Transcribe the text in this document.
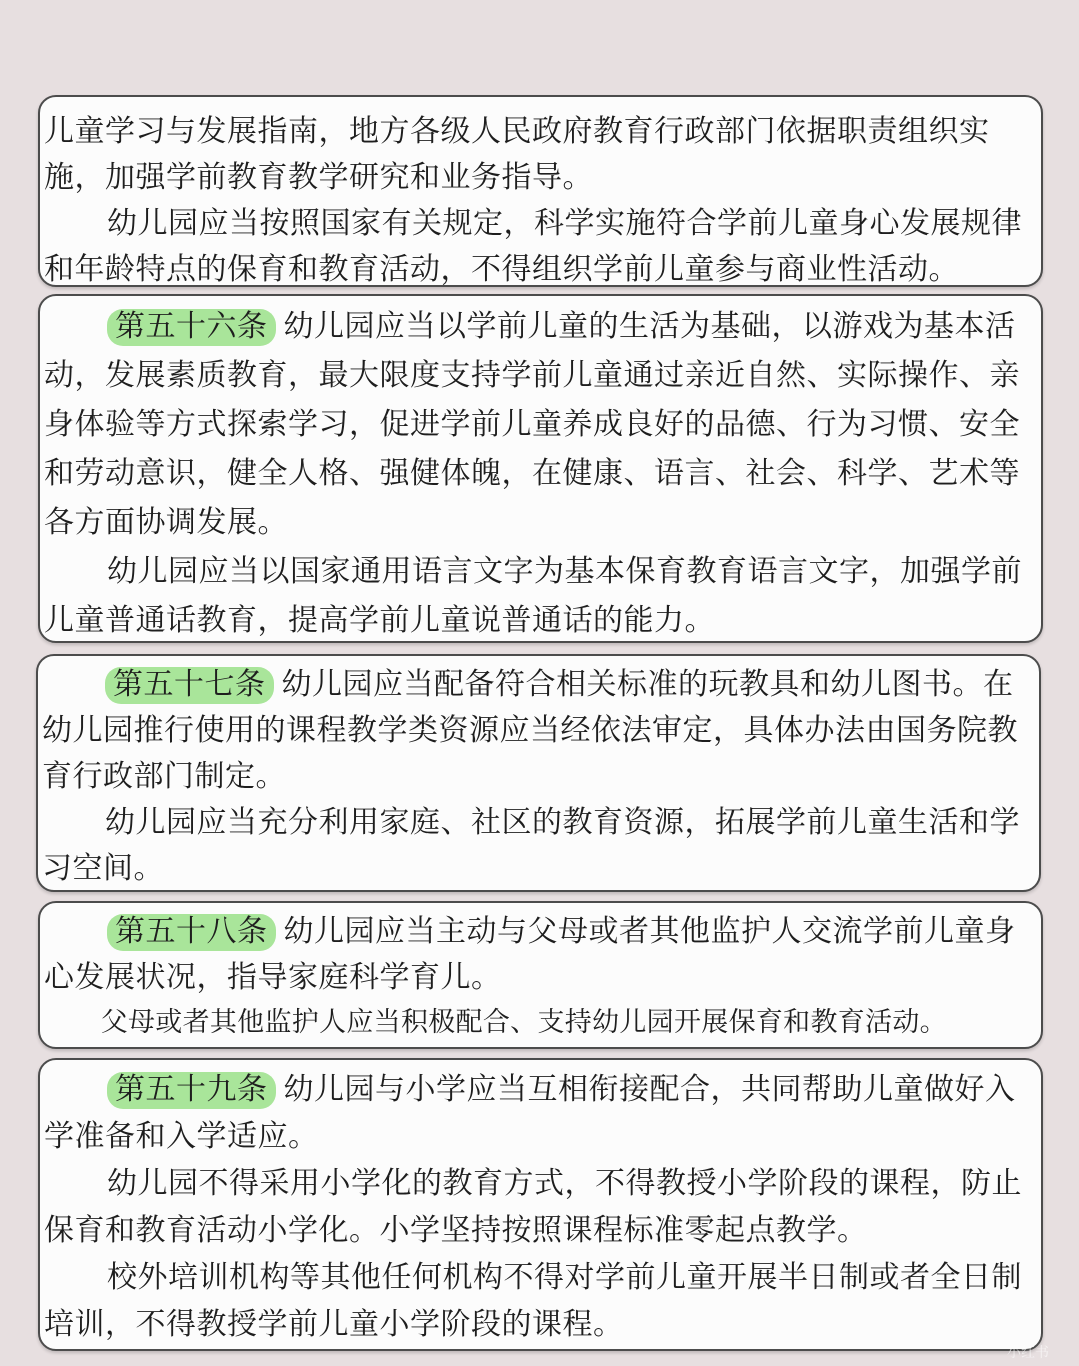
儿童学习与发展指南，地方各级人民政府教育行政部门依据职责组织实施，加强学前教育教学研究和业务指导。

幼儿园应当按照国家有关规定，科学实施符合学前儿童身心发展规律和年龄特点的保育和教育活动，不得组织学前儿童参与商业性活动。

第五十六条 幼儿园应当以学前儿童的生活为基础，以游戏为基本活动，发展素质教育，最大限度支持学前儿童通过亲近自然、实际操作、亲身体验等方式探索学习，促进学前儿童养成良好的品德、行为习惯、安全和劳动意识，健全人格、强健体魄，在健康、语言、社会、科学、艺术等各方面协调发展。

幼儿园应当以国家通用语言文字为基本保育教育语言文字，加强学前儿童普通话教育，提高学前儿童说普通话的能力。

第五十七条 幼儿园应当配备符合相关标准的玩教具和幼儿图书。在幼儿园推行使用的课程教学类资源应当经依法审定，具体办法由国务院教育行政部门制定。

幼儿园应当充分利用家庭、社区的教育资源，拓展学前儿童生活和学习空间。

第五十八条 幼儿园应当主动与父母或者其他监护人交流学前儿童身心发展状况，指导家庭科学育儿。

父母或者其他监护人应当积极配合、支持幼儿园开展保育和教育活动。

第五十九条 幼儿园与小学应当互相衔接配合，共同帮助儿童做好入学准备和入学适应。

幼儿园不得采用小学化的教育方式，不得教授小学阶段的课程，防止保育和教育活动小学化。小学坚持按照课程标准零起点教学。

校外培训机构等其他任何机构不得对学前儿童开展半日制或者全日制培训，不得教授学前儿童小学阶段的课程。

小红书
